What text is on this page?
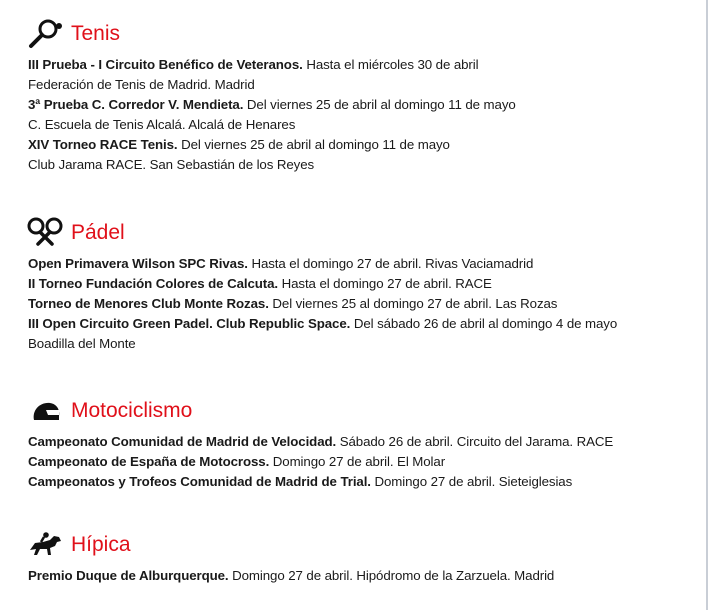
Tenis
III Prueba - I Circuito Benéfico de Veteranos. Hasta el miércoles 30 de abril
Federación de Tenis de Madrid. Madrid
3ª Prueba C. Corredor V. Mendieta. Del viernes 25 de abril al domingo 11 de mayo
C. Escuela de Tenis Alcalá. Alcalá de Henares
XIV Torneo RACE Tenis. Del viernes 25 de abril al domingo 11 de mayo
Club Jarama RACE. San Sebastián de los Reyes
Pádel
Open Primavera Wilson SPC Rivas. Hasta el domingo 27 de abril. Rivas Vaciamadrid
II Torneo Fundación Colores de Calcuta. Hasta el domingo 27 de abril. RACE
Torneo de Menores Club Monte Rozas. Del viernes 25 al domingo 27 de abril. Las Rozas
III Open Circuito Green Padel. Club Republic Space. Del sábado 26 de abril al domingo 4 de mayo
Boadilla del Monte
Motociclismo
Campeonato Comunidad de Madrid de Velocidad. Sábado 26 de abril. Circuito del Jarama. RACE
Campeonato de España de Motocross. Domingo 27 de abril. El Molar
Campeonatos y Trofeos Comunidad de Madrid de Trial. Domingo 27 de abril. Sieteiglesias
Hípica
Premio Duque de Alburquerque. Domingo 27 de abril. Hipódromo de la Zarzuela. Madrid
